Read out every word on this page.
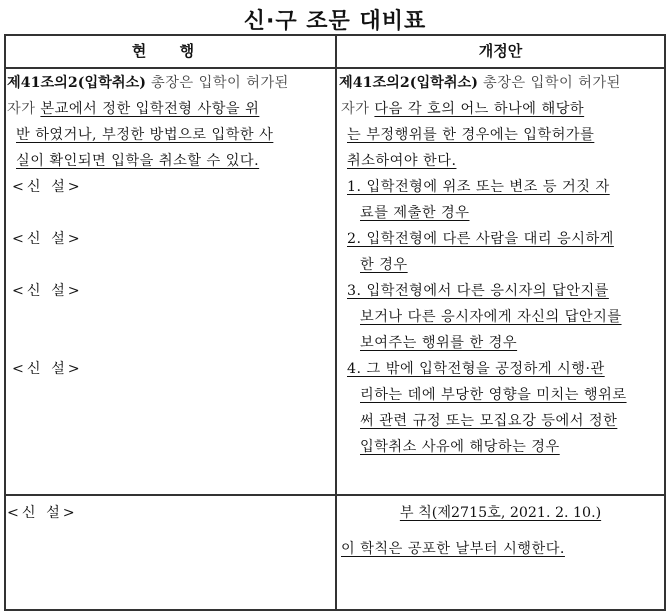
신·구 조문 대비표
현 행	개정안
제41조의2(입학취소) 총장은 입학이 허가된
자가 본교에서 정한 입학전형 사항을 위
반 하였거나, 부정한 방법으로 입학한 사
실이 확인되면 입학을 취소할 수 있다.
<신 설>
<신 설>
<신 설>
<신 설>
<신 설>
제41조의2(입학취소) 총장은 입학이 허가된
자가 다음 각 호의 어느 하나에 해당하
는 부정행위를 한 경우에는 입학허가를
취소하여야 한다.
1. 입학전형에 위조 또는 변조 등 거짓 자
료를 제출한 경우
2. 입학전형에 다른 사람을 대리 응시하게
한 경우
3. 입학전형에서 다른 응시자의 답안지를
보거나 다른 응시자에게 자신의 답안지를
보여주는 행위를 한 경우
4. 그 밖에 입학전형을 공정하게 시행·관
리하는 데에 부당한 영향을 미치는 행위로
써 관련 규정 또는 모집요강 등에서 정한
입학취소 사유에 해당하는 경우
부 칙(제2715호, 2021. 2. 10.)
이 학칙은 공포한 날부터 시행한다.
